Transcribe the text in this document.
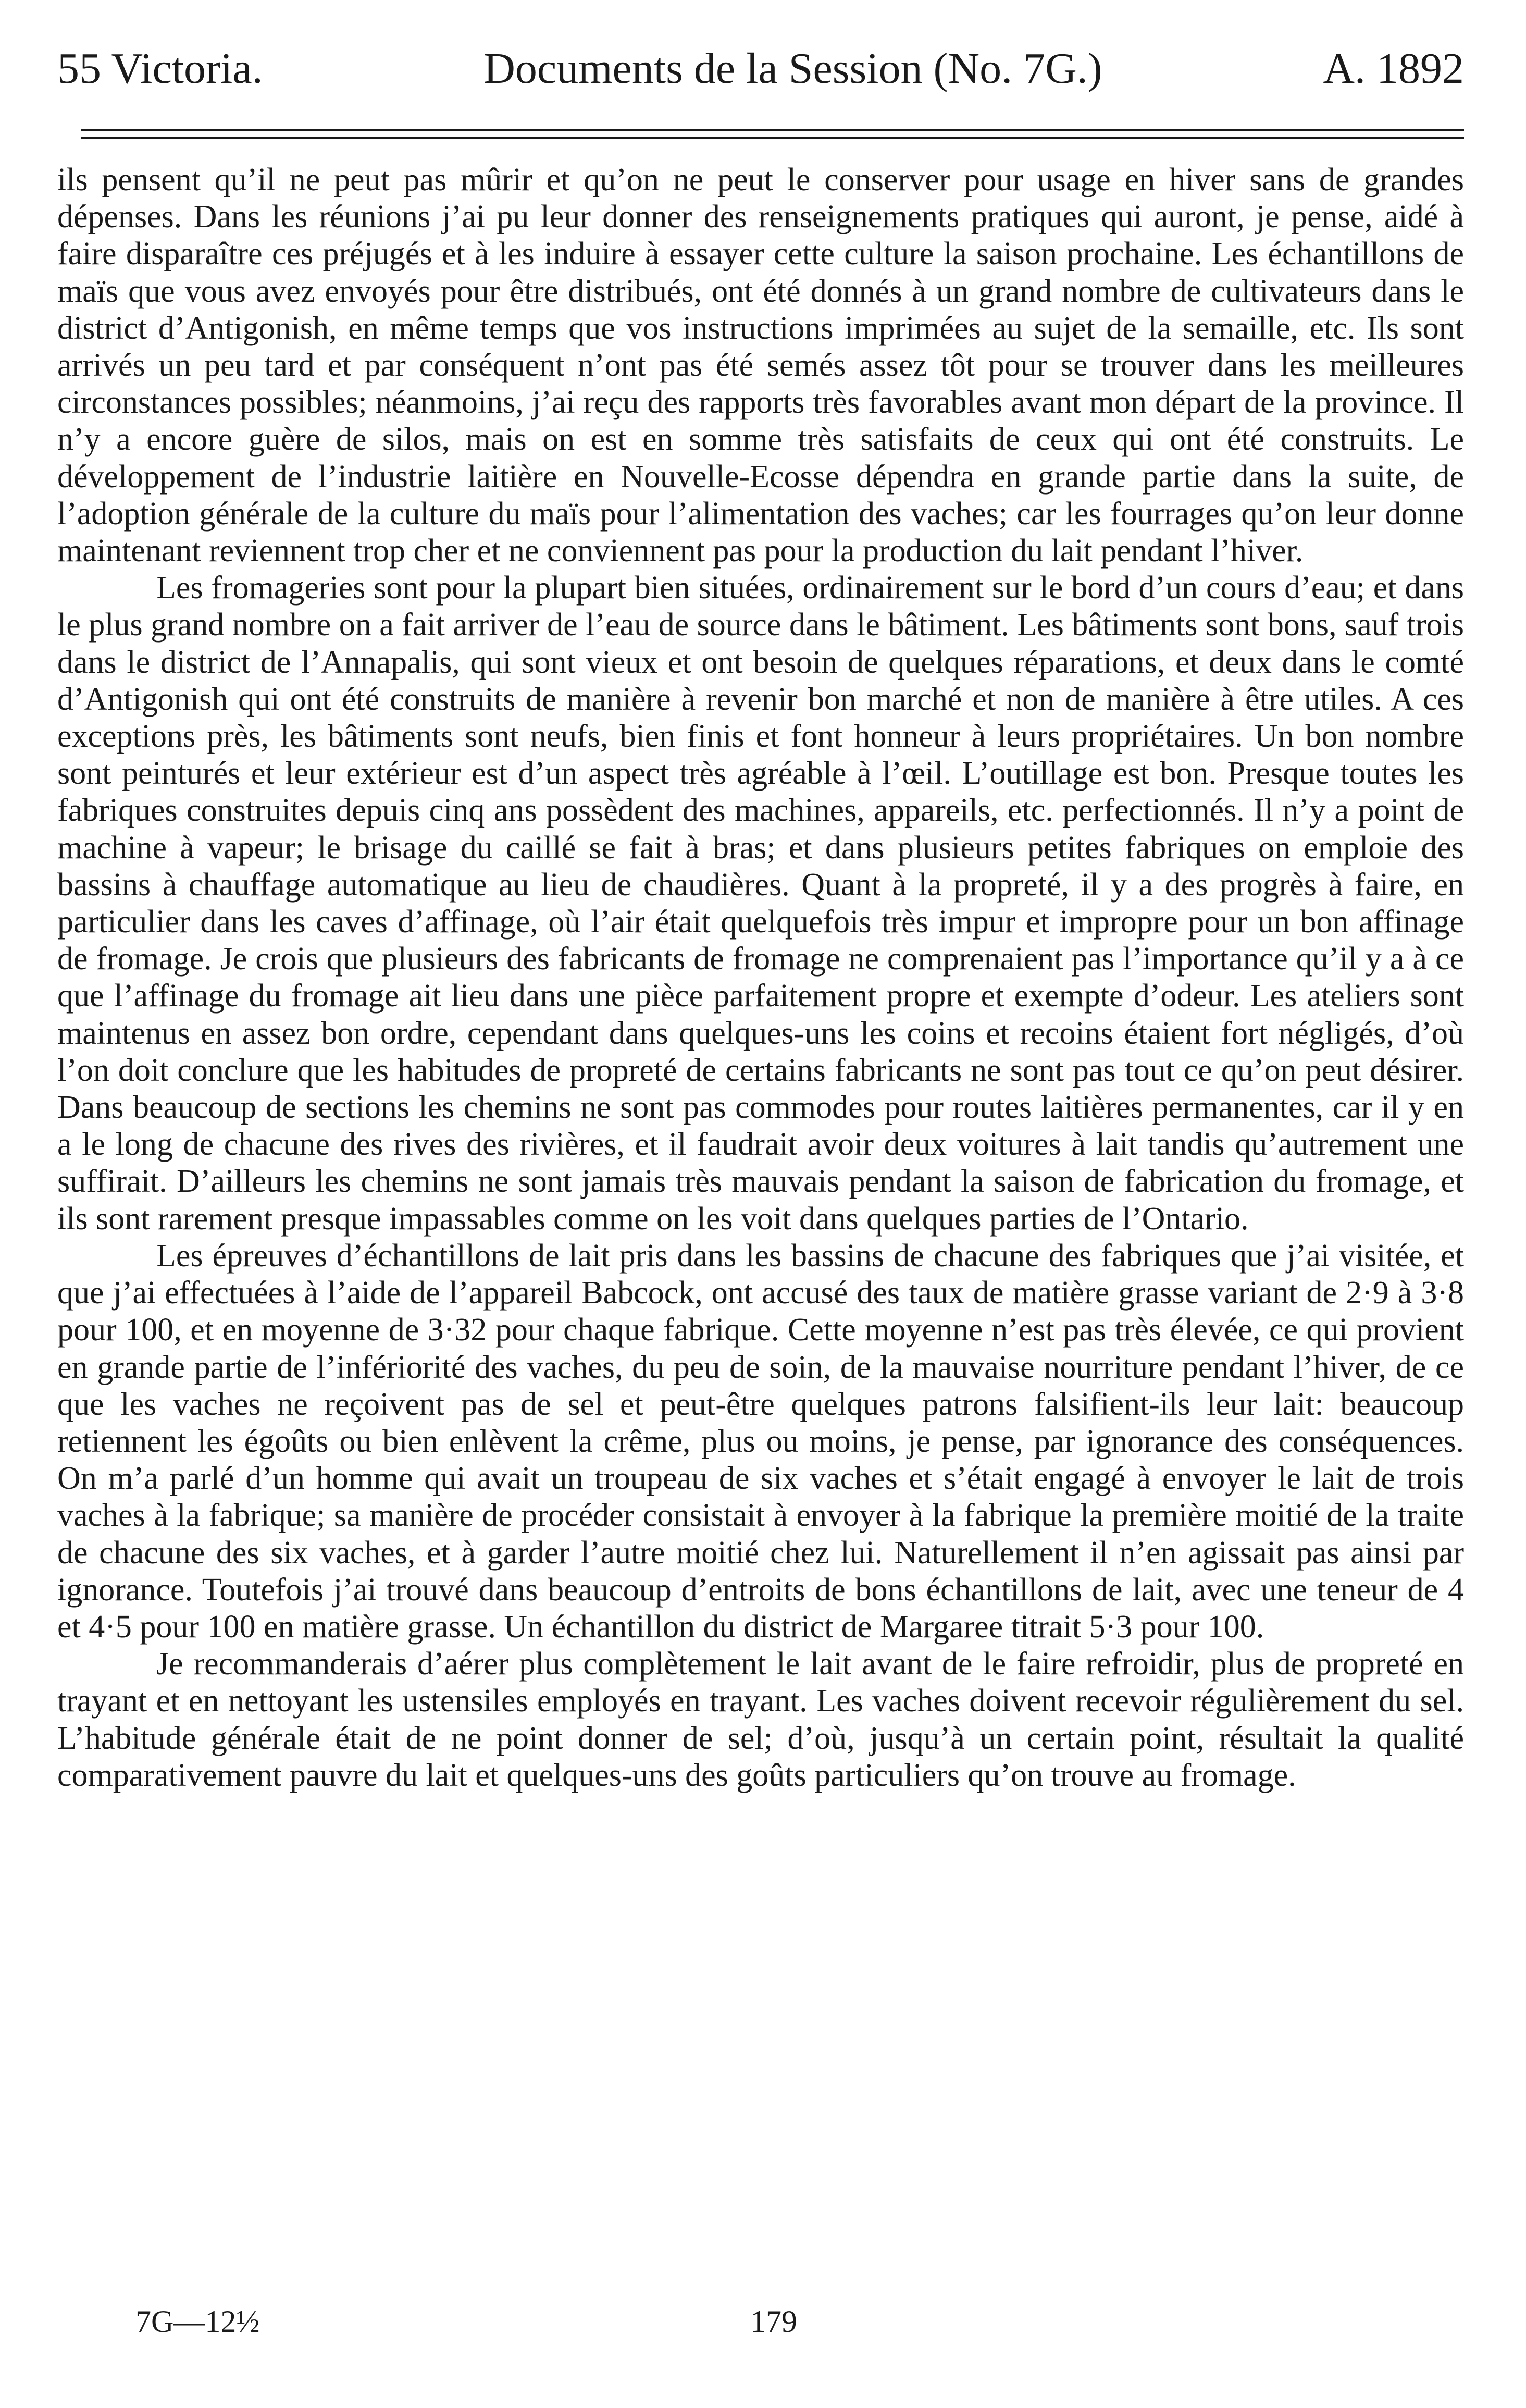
55 Victoria.	Documents de la Session (No. 7G.)	A. 1892

ils pensent qu’il ne peut pas mûrir et qu’on ne peut le conserver pour usage en hiver sans de grandes dépenses. Dans les réunions j’ai pu leur donner des renseignements pratiques qui auront, je pense, aidé à faire disparaître ces préjugés et à les induire à essayer cette culture la saison prochaine. Les échantillons de maïs que vous avez envoyés pour être distribués, ont été donnés à un grand nombre de cultivateurs dans le district d’Antigonish, en même temps que vos instructions imprimées au sujet de la semaille, etc. Ils sont arrivés un peu tard et par conséquent n’ont pas été semés assez tôt pour se trouver dans les meilleures circonstances possibles; néanmoins, j’ai reçu des rapports très favorables avant mon départ de la province. Il n’y a encore guère de silos, mais on est en somme très satisfaits de ceux qui ont été construits. Le développement de l’industrie laitière en Nouvelle-Ecosse dépendra en grande partie dans la suite, de l’adoption générale de la culture du maïs pour l’alimentation des vaches; car les fourrages qu’on leur donne maintenant reviennent trop cher et ne conviennent pas pour la production du lait pendant l’hiver.

Les fromageries sont pour la plupart bien situées, ordinairement sur le bord d’un cours d’eau; et dans le plus grand nombre on a fait arriver de l’eau de source dans le bâtiment. Les bâtiments sont bons, sauf trois dans le district de l’Annapalis, qui sont vieux et ont besoin de quelques réparations, et deux dans le comté d’Antigonish qui ont été construits de manière à revenir bon marché et non de manière à être utiles. A ces exceptions près, les bâtiments sont neufs, bien finis et font honneur à leurs propriétaires. Un bon nombre sont peinturés et leur extérieur est d’un aspect très agréable à l’œil. L’outillage est bon. Presque toutes les fabriques construites depuis cinq ans possèdent des machines, appareils, etc. perfectionnés. Il n’y a point de machine à vapeur; le brisage du caillé se fait à bras; et dans plusieurs petites fabriques on emploie des bassins à chauffage automatique au lieu de chaudières. Quant à la propreté, il y a des progrès à faire, en particulier dans les caves d’affinage, où l’air était quelquefois très impur et impropre pour un bon affinage de fromage. Je crois que plusieurs des fabricants de fromage ne comprenaient pas l’importance qu’il y a à ce que l’affinage du fromage ait lieu dans une pièce parfaitement propre et exempte d’odeur. Les ateliers sont maintenus en assez bon ordre, cependant dans quelques-uns les coins et recoins étaient fort négligés, d’où l’on doit conclure que les habitudes de propreté de certains fabricants ne sont pas tout ce qu’on peut désirer. Dans beaucoup de sections les chemins ne sont pas commodes pour routes laitières permanentes, car il y en a le long de chacune des rives des rivières, et il faudrait avoir deux voitures à lait tandis qu’autrement une suffirait. D’ailleurs les chemins ne sont jamais très mauvais pendant la saison de fabrication du fromage, et ils sont rarement presque impassables comme on les voit dans quelques parties de l’Ontario.

Les épreuves d’échantillons de lait pris dans les bassins de chacune des fabriques que j’ai visitée, et que j’ai effectuées à l’aide de l’appareil Babcock, ont accusé des taux de matière grasse variant de 2·9 à 3·8 pour 100, et en moyenne de 3·32 pour chaque fabrique. Cette moyenne n’est pas très élevée, ce qui provient en grande partie de l’infériorité des vaches, du peu de soin, de la mauvaise nourriture pendant l’hiver, de ce que les vaches ne reçoivent pas de sel et peut-être quelques patrons falsifient-ils leur lait: beaucoup retiennent les égoûts ou bien enlèvent la crême, plus ou moins, je pense, par ignorance des conséquences. On m’a parlé d’un homme qui avait un troupeau de six vaches et s’était engagé à envoyer le lait de trois vaches à la fabrique; sa manière de procéder consistait à envoyer à la fabrique la première moitié de la traite de chacune des six vaches, et à garder l’autre moitié chez lui. Naturellement il n’en agissait pas ainsi par ignorance. Toutefois j’ai trouvé dans beaucoup d’entroits de bons échantillons de lait, avec une teneur de 4 et 4·5 pour 100 en matière grasse. Un échantillon du district de Margaree titrait 5·3 pour 100.

Je recommanderais d’aérer plus complètement le lait avant de le faire refroidir, plus de propreté en trayant et en nettoyant les ustensiles employés en trayant. Les vaches doivent recevoir régulièrement du sel. L’habitude générale était de ne point donner de sel; d’où, jusqu’à un certain point, résultait la qualité comparativement pauvre du lait et quelques-uns des goûts particuliers qu’on trouve au fromage.

7G—12½	179
